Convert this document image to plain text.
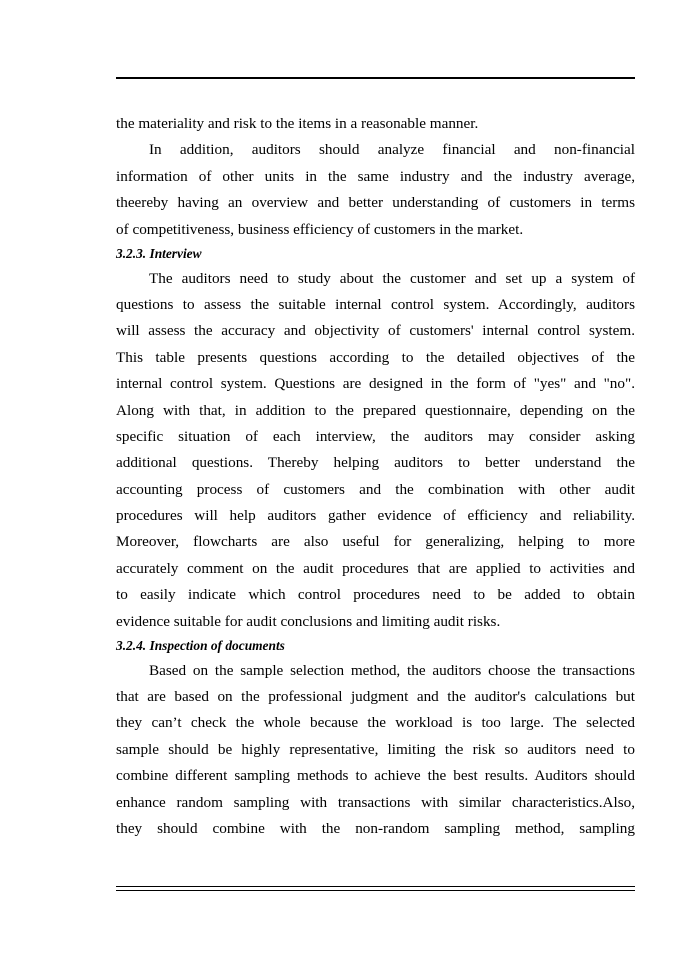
the materiality and risk to the items in a reasonable manner.
In addition, auditors should analyze financial and non-financial
information of other units in the same industry and the industry average,
theereby having an overview and better understanding of customers in terms
of competitiveness, business efficiency of customers in the market.
3.2.3. Interview
The auditors need to study about the customer and set up a system of
questions to assess the suitable internal control system. Accordingly, auditors
will assess the accuracy and objectivity of customers' internal control system.
This table presents questions according to the detailed objectives of the
internal control system. Questions are designed in the form of "yes" and "no".
Along with that, in addition to the prepared questionnaire, depending on the
specific situation of each interview, the auditors may consider asking
additional questions. Thereby helping auditors to better understand the
accounting process of customers and the combination with other audit
procedures will help auditors gather evidence of efficiency and reliability.
Moreover, flowcharts are also useful for generalizing, helping to more
accurately comment on the audit procedures that are applied to activities and
to easily indicate which control procedures need to be added to obtain
evidence suitable for audit conclusions and limiting audit risks.
3.2.4. Inspection of documents
Based on the sample selection method, the auditors choose the transactions
that are based on the professional judgment and the auditor's calculations but
they can’t check the whole because the workload is too large. The selected
sample should be highly representative, limiting the risk so auditors need to
combine different sampling methods to achieve the best results. Auditors should
enhance random sampling with transactions with similar characteristics.Also,
they should combine with the non-random sampling method, sampling
